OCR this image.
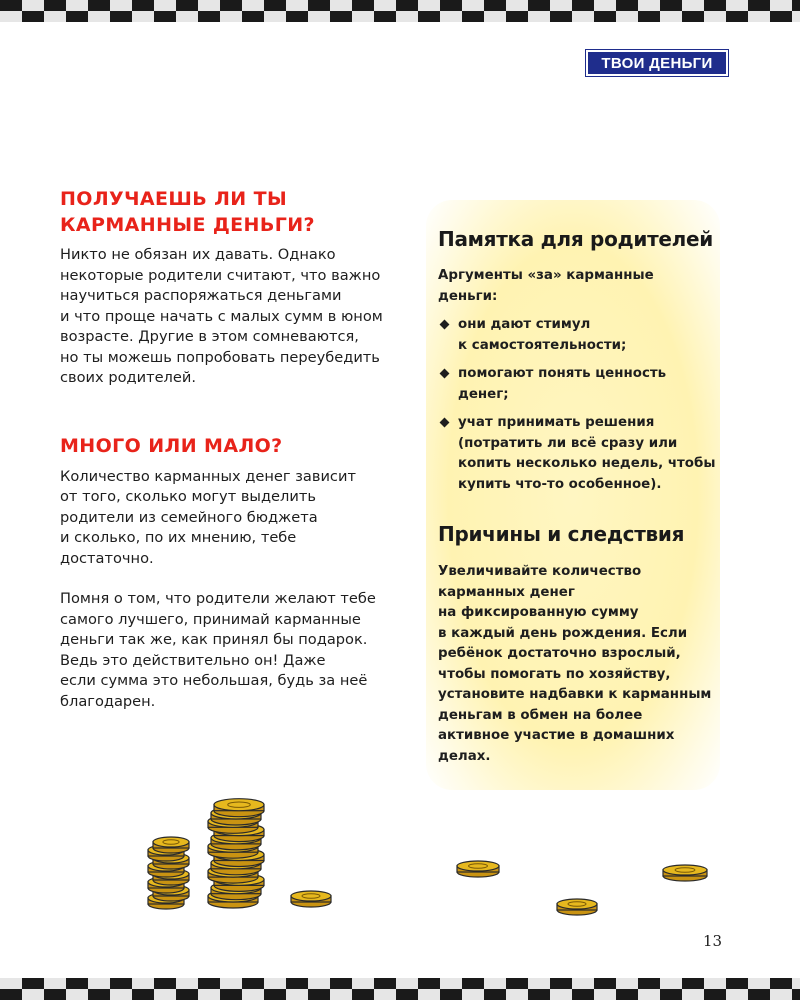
ТВОИ ДЕНЬГИ
ПОЛУЧАЕШЬ ЛИ ТЫ
КАРМАННЫЕ ДЕНЬГИ?
Никто не обязан их давать. Однако
некоторые родители считают, что важно
научиться распоряжаться деньгами
и что проще начать с малых сумм в юном
возрасте. Другие в этом сомневаются,
но ты можешь попробовать переубедить
своих родителей.
МНОГО ИЛИ МАЛО?
Количество карманных денег зависит
от того, сколько могут выделить
родители из семейного бюджета
и сколько, по их мнению, тебе
достаточно.
Помня о том, что родители желают тебе
самого лучшего, принимай карманные
деньги так же, как принял бы подарок.
Ведь это действительно он! Даже
если сумма это небольшая, будь за неё
благодарен.
Памятка для родителей
Аргументы «за» карманные
деньги:
они дают стимул
к самостоятельности;
помогают понять ценность
денег;
учат принимать решения
(потратить ли всё сразу или
копить несколько недель, чтобы
купить что-то особенное).
Причины и следствия
Увеличивайте количество
карманных денег
на фиксированную сумму
в каждый день рождения. Если
ребёнок достаточно взрослый,
чтобы помогать по хозяйству,
установите надбавки к карманным
деньгам в обмен на более
активное участие в домашних
делах.
13
